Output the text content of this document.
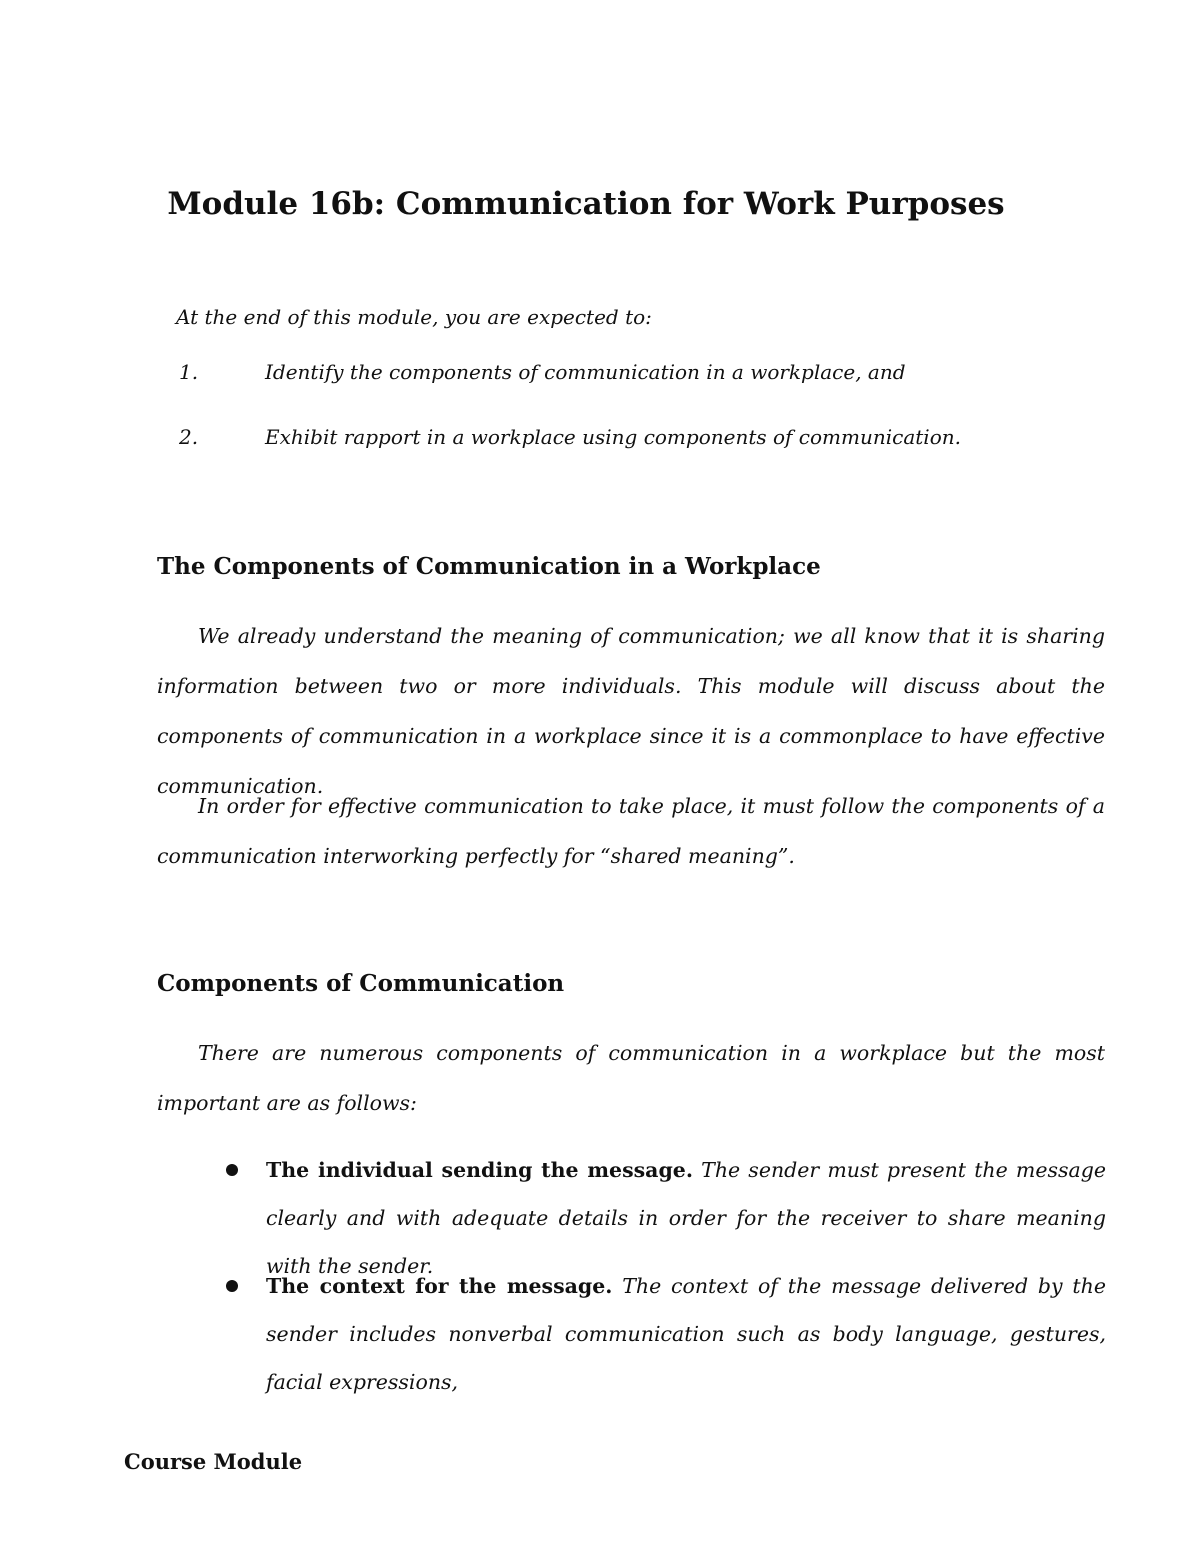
Module 16b: Communication for Work Purposes
At the end of this module, you are expected to:
1.	Identify the components of communication in a workplace, and
2.	Exhibit rapport in a workplace using components of communication.
The Components of Communication in a Workplace
We already understand the meaning of communication; we all know that it is sharing information between two or more individuals. This module will discuss about the components of communication in a workplace since it is a commonplace to have effective communication.
In order for effective communication to take place, it must follow the components of a communication interworking perfectly for “shared meaning”.
Components of Communication
There are numerous components of communication in a workplace but the most important are as follows:
The individual sending the message. The sender must present the message clearly and with adequate details in order for the receiver to share meaning with the sender.
The context for the message. The context of the message delivered by the sender includes nonverbal communication such as body language, gestures, facial expressions,
Course Module
